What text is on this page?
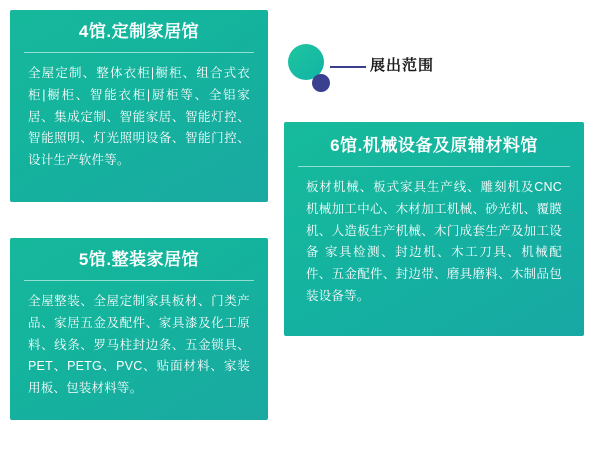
4馆.定制家居馆
全屋定制、整体衣柜|橱柜、组合式衣柜|橱柜、智能衣柜|厨柜等、全铝家居、集成定制、智能家居、智能灯控、智能照明、灯光照明设备、智能门控、设计生产软件等。
5馆.整装家居馆
全屋整装、全屋定制家具板材、门类产品、家居五金及配件、家具漆及化工原料、线条、罗马柱封边条、五金锁具、PET、PETG、PVC、贴面材料、家装用板、包装材料等。
6馆.机械设备及原辅材料馆
板材机械、板式家具生产线、雕刻机及CNC机械加工中心、木材加工机械、砂光机、覆膜机、人造板生产机械、木门成套生产及加工设备 家具检测、封边机、木工刀具、机械配件、五金配件、封边带、磨具磨料、木制品包装设备等。
展出范围
